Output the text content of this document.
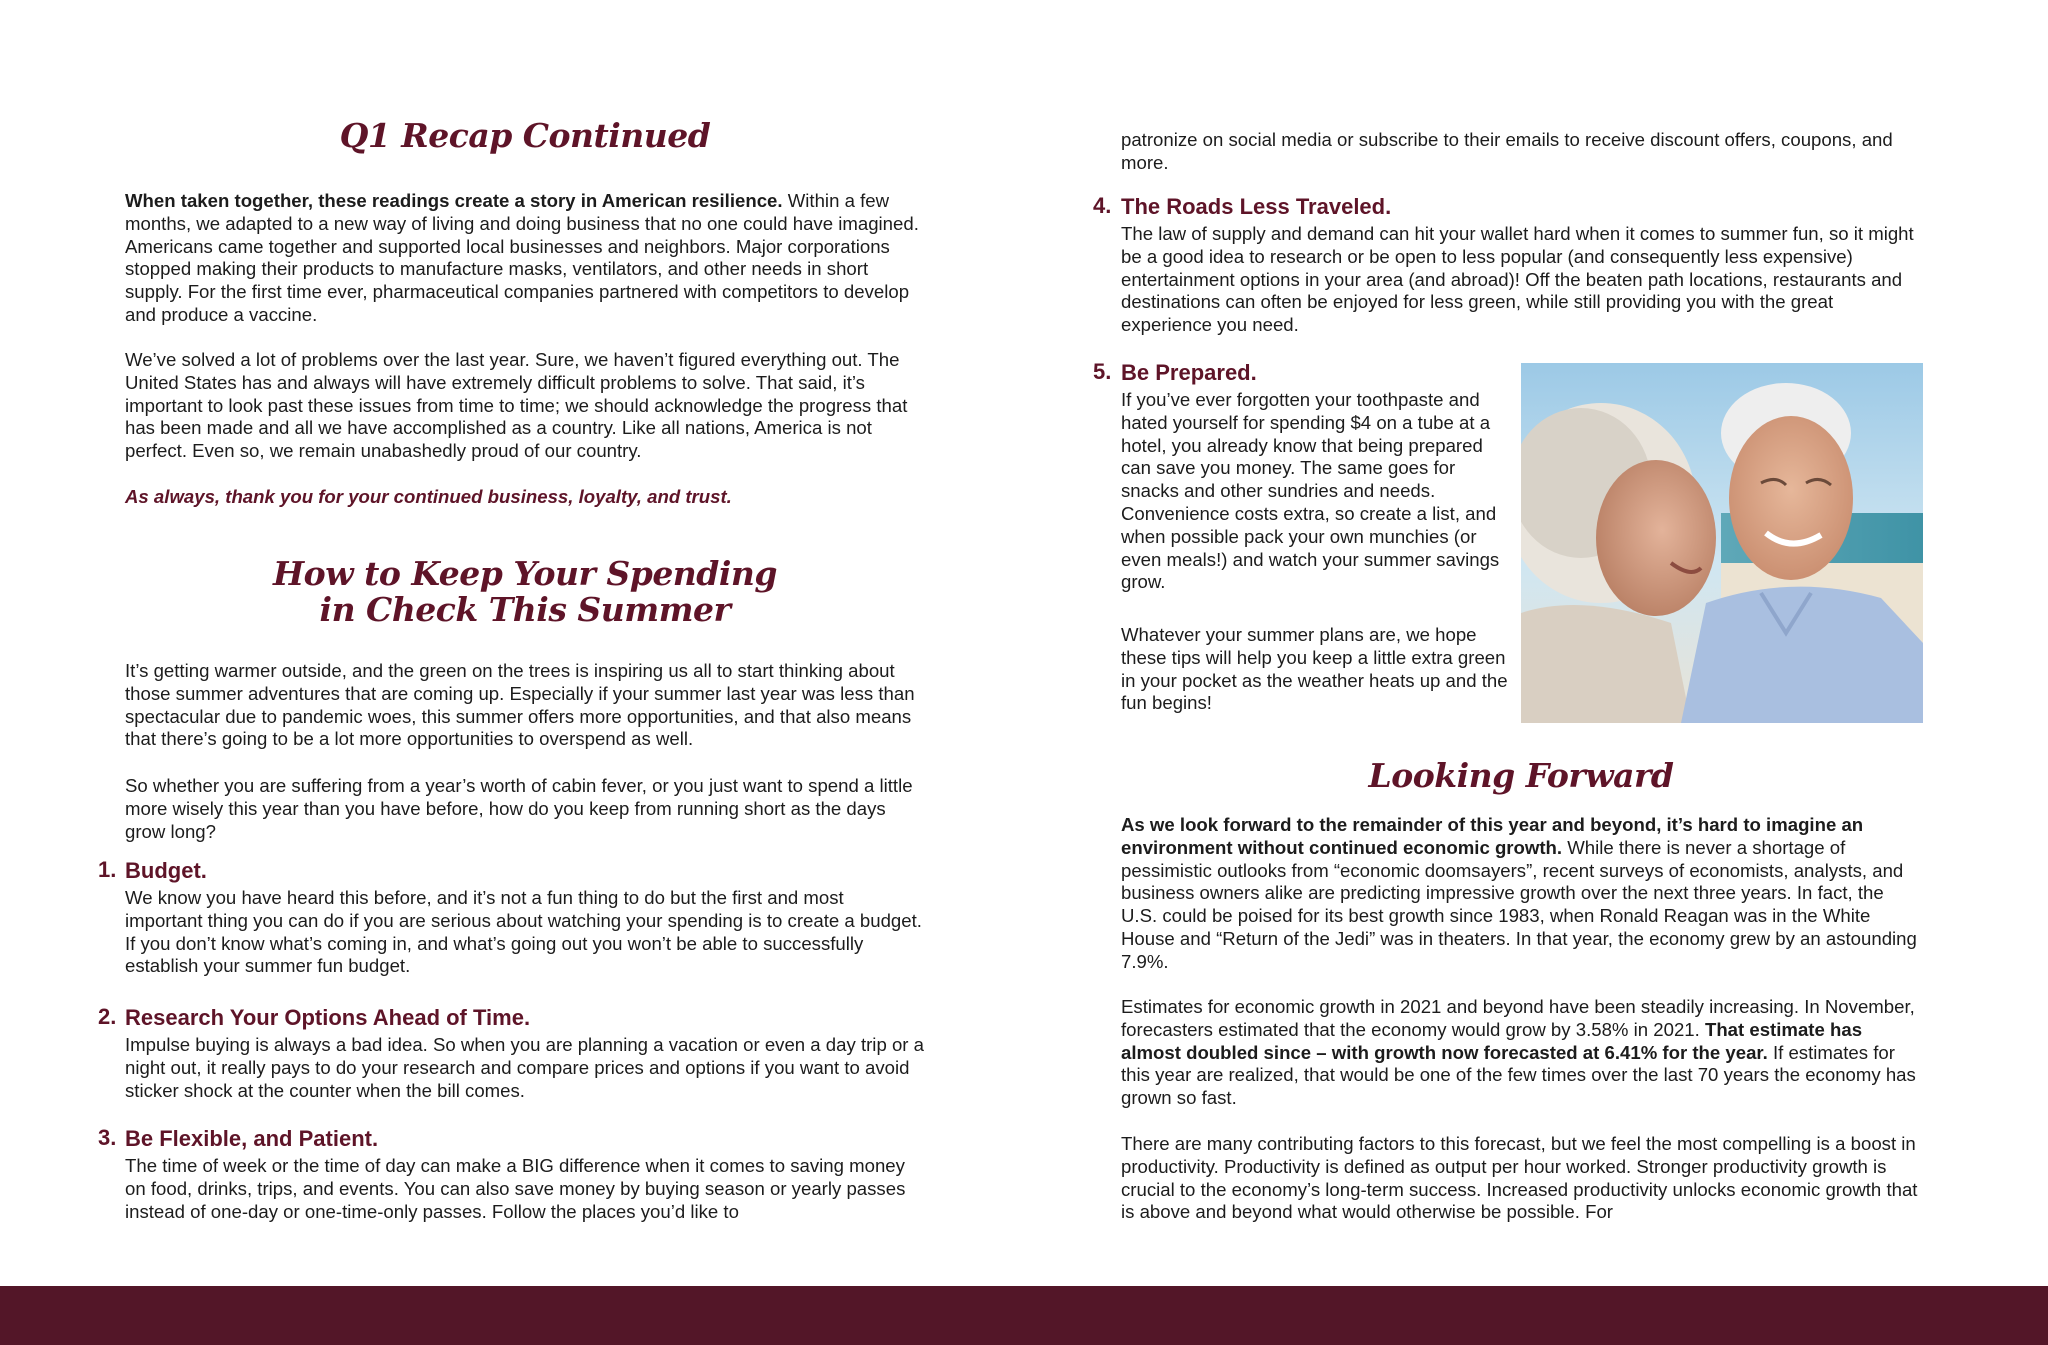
Q1 Recap Continued

When taken together, these readings create a story in American resilience. Within a few months, we adapted to a new way of living and doing business that no one could have imagined. Americans came together and supported local businesses and neighbors. Major corporations stopped making their products to manufacture masks, ventilators, and other needs in short supply. For the first time ever, pharmaceutical companies partnered with competitors to develop and produce a vaccine.

We’ve solved a lot of problems over the last year. Sure, we haven’t figured everything out. The United States has and always will have extremely difficult problems to solve. That said, it’s important to look past these issues from time to time; we should acknowledge the progress that has been made and all we have accomplished as a country. Like all nations, America is not perfect. Even so, we remain unabashedly proud of our country.

As always, thank you for your continued business, loyalty, and trust.

How to Keep Your Spending
in Check This Summer

It’s getting warmer outside, and the green on the trees is inspiring us all to start thinking about those summer adventures that are coming up. Especially if your summer last year was less than spectacular due to pandemic woes, this summer offers more opportunities, and that also means that there’s going to be a lot more opportunities to overspend as well.

So whether you are suffering from a year’s worth of cabin fever, or you just want to spend a little more wisely this year than you have before, how do you keep from running short as the days grow long?

1. Budget.

We know you have heard this before, and it’s not a fun thing to do but the first and most important thing you can do if you are serious about watching your spending is to create a budget. If you don’t know what’s coming in, and what’s going out you won’t be able to successfully establish your summer fun budget.

2. Research Your Options Ahead of Time.

Impulse buying is always a bad idea. So when you are planning a vacation or even a day trip or a night out, it really pays to do your research and compare prices and options if you want to avoid sticker shock at the counter when the bill comes.

3. Be Flexible, and Patient.

The time of week or the time of day can make a BIG difference when it comes to saving money on food, drinks, trips, and events. You can also save money by buying season or yearly passes instead of one-day or one-time-only passes. Follow the places you’d like to

patronize on social media or subscribe to their emails to receive discount offers, coupons, and more.

4. The Roads Less Traveled.

The law of supply and demand can hit your wallet hard when it comes to summer fun, so it might be a good idea to research or be open to less popular (and consequently less expensive) entertainment options in your area (and abroad)! Off the beaten path locations, restaurants and destinations can often be enjoyed for less green, while still providing you with the great experience you need.

5. Be Prepared.

If you’ve ever forgotten your toothpaste and hated yourself for spending $4 on a tube at a hotel, you already know that being prepared can save you money. The same goes for snacks and other sundries and needs. Convenience costs extra, so create a list, and when possible pack your own munchies (or even meals!) and watch your summer savings grow.

Whatever your summer plans are, we hope these tips will help you keep a little extra green in your pocket as the weather heats up and the fun begins!

Looking Forward

As we look forward to the remainder of this year and beyond, it’s hard to imagine an environment without continued economic growth. While there is never a shortage of pessimistic outlooks from “economic doomsayers”, recent surveys of economists, analysts, and business owners alike are predicting impressive growth over the next three years. In fact, the U.S. could be poised for its best growth since 1983, when Ronald Reagan was in the White House and “Return of the Jedi” was in theaters. In that year, the economy grew by an astounding 7.9%.

Estimates for economic growth in 2021 and beyond have been steadily increasing. In November, forecasters estimated that the economy would grow by 3.58% in 2021. That estimate has almost doubled since – with growth now forecasted at 6.41% for the year. If estimates for this year are realized, that would be one of the few times over the last 70 years the economy has grown so fast.

There are many contributing factors to this forecast, but we feel the most compelling is a boost in productivity. Productivity is defined as output per hour worked. Stronger productivity growth is crucial to the economy’s long-term success. Increased productivity unlocks economic growth that is above and beyond what would otherwise be possible. For
